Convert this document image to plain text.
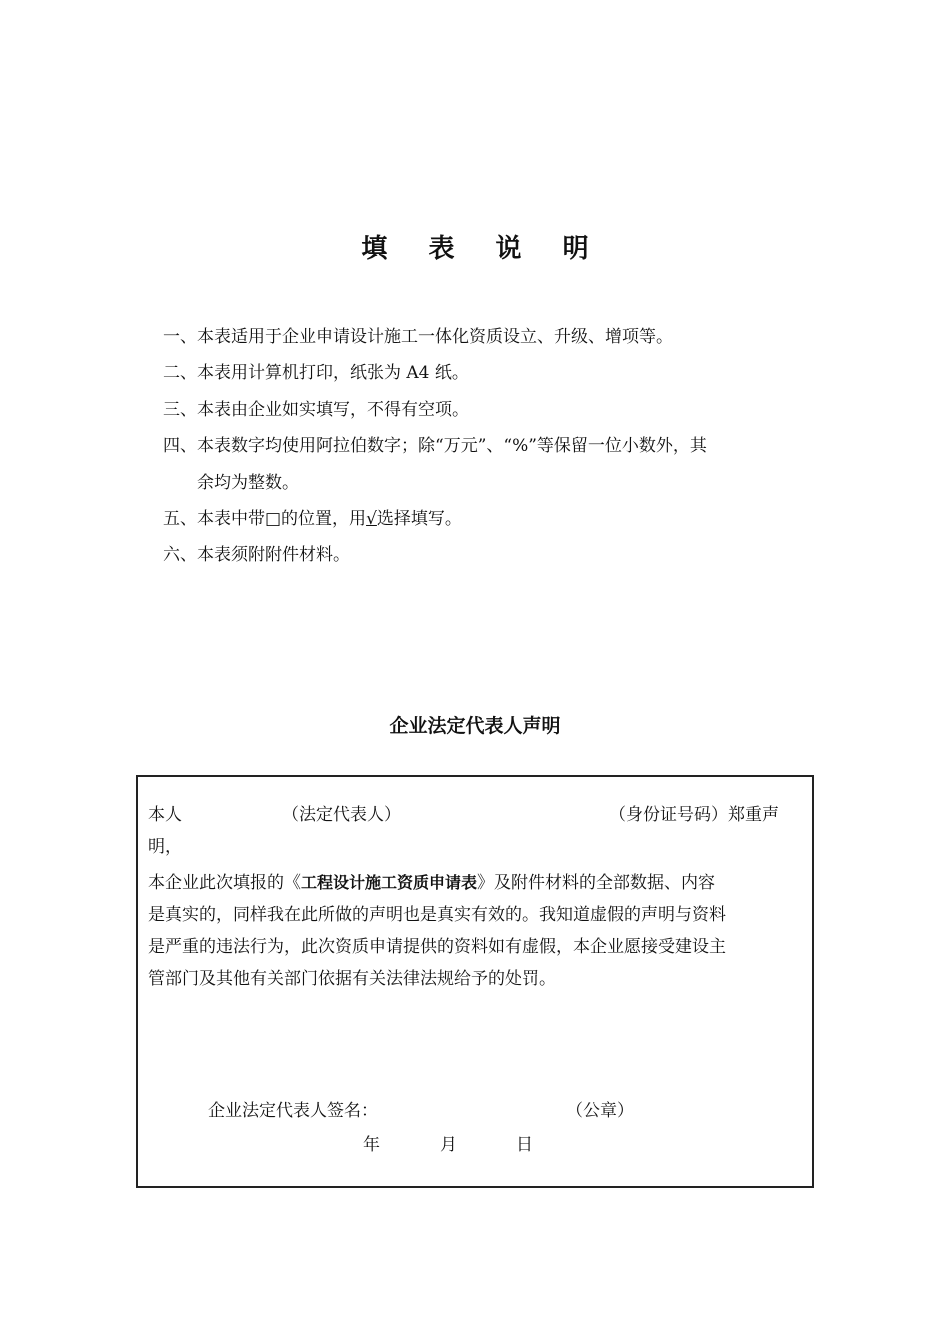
填 表 说 明
一、本表适用于企业申请设计施工一体化资质设立、升级、增项等。
二、本表用计算机打印，纸张为 A4 纸。
三、本表由企业如实填写，不得有空项。
四、本表数字均使用阿拉伯数字；除“万元”、“%”等保留一位小数外，其
余均为整数。
五、本表中带□的位置，用√选择填写。
六、本表须附附件材料。
企业法定代表人声明
本人	（法定代表人）	（身份证号码）郑重声
明，
本企业此次填报的《工程设计施工资质申请表》及附件材料的全部数据、内容
是真实的，同样我在此所做的声明也是真实有效的。我知道虚假的声明与资料
是严重的违法行为，此次资质申请提供的资料如有虚假，本企业愿接受建设主
管部门及其他有关部门依据有关法律法规给予的处罚。
企业法定代表人签名：	（公章）
年	月	日
